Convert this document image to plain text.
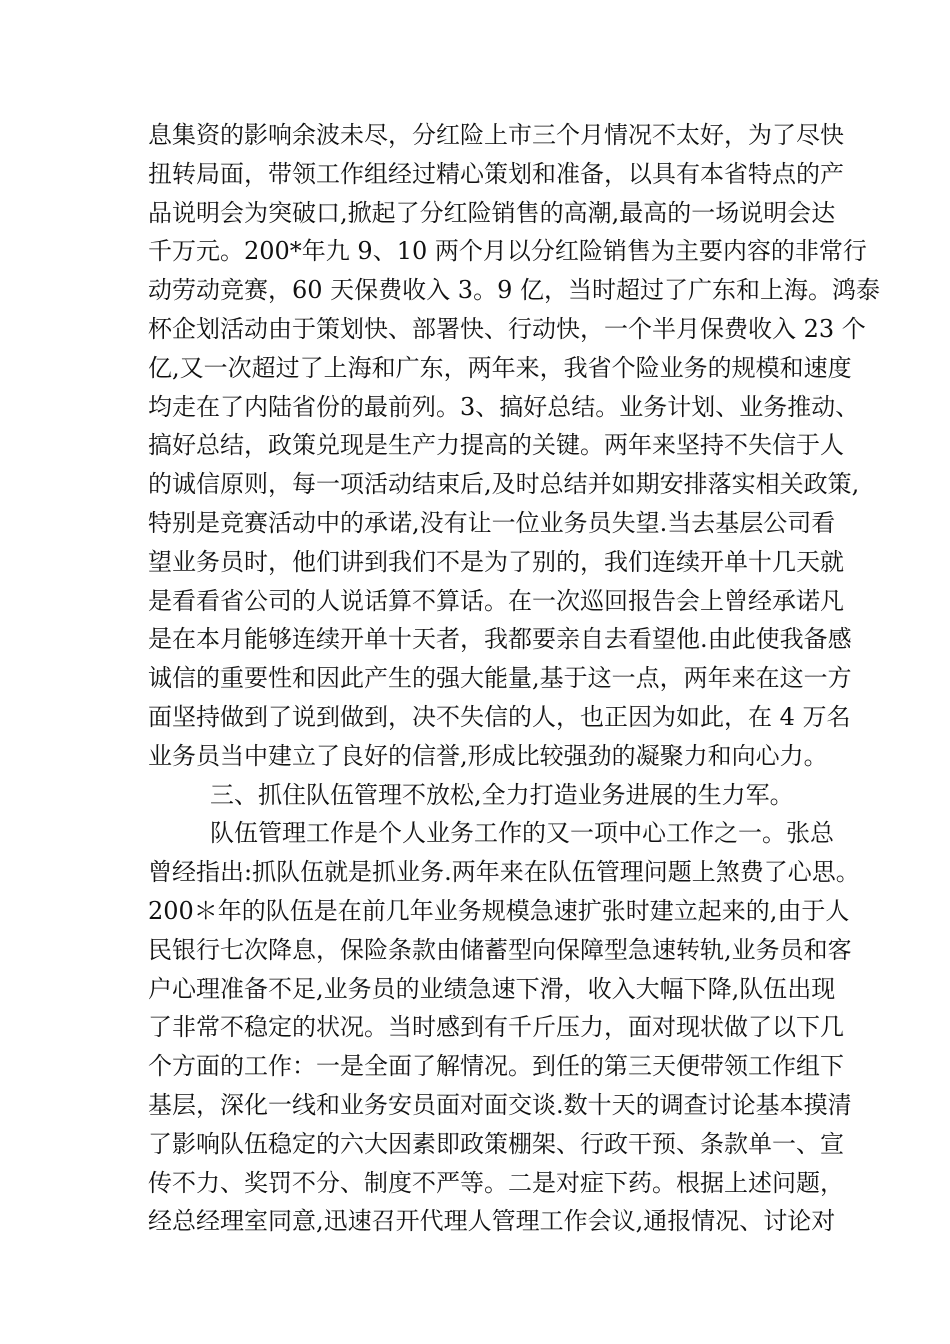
息集资的影响余波未尽，分红险上市三个月情况不太好，为了尽快
扭转局面，带领工作组经过精心策划和准备，以具有本省特点的产
品说明会为突破口,掀起了分红险销售的高潮,最高的一场说明会达
千万元。200*年九 9、10 两个月以分红险销售为主要内容的非常行
动劳动竞赛，60 天保费收入 3。9 亿，当时超过了广东和上海。鸿泰
杯企划活动由于策划快、部署快、行动快，一个半月保费收入 23 个
亿,又一次超过了上海和广东，两年来，我省个险业务的规模和速度
均走在了内陆省份的最前列。3、搞好总结。业务计划、业务推动、
搞好总结，政策兑现是生产力提高的关键。两年来坚持不失信于人
的诚信原则，每一项活动结束后,及时总结并如期安排落实相关政策,
特别是竞赛活动中的承诺,没有让一位业务员失望.当去基层公司看
望业务员时，他们讲到我们不是为了别的，我们连续开单十几天就
是看看省公司的人说话算不算话。在一次巡回报告会上曾经承诺凡
是在本月能够连续开单十天者，我都要亲自去看望他.由此使我备感
诚信的重要性和因此产生的强大能量,基于这一点，两年来在这一方
面坚持做到了说到做到，决不失信的人，也正因为如此，在 4 万名
业务员当中建立了良好的信誉,形成比较强劲的凝聚力和向心力。
三、抓住队伍管理不放松,全力打造业务进展的生力军。
队伍管理工作是个人业务工作的又一项中心工作之一。张总
曾经指出:抓队伍就是抓业务.两年来在队伍管理问题上煞费了心思。
200＊年的队伍是在前几年业务规模急速扩张时建立起来的,由于人
民银行七次降息，保险条款由储蓄型向保障型急速转轨,业务员和客
户心理准备不足,业务员的业绩急速下滑，收入大幅下降,队伍出现
了非常不稳定的状况。当时感到有千斤压力，面对现状做了以下几
个方面的工作：一是全面了解情况。到任的第三天便带领工作组下
基层，深化一线和业务安员面对面交谈.数十天的调查讨论基本摸清
了影响队伍稳定的六大因素即政策棚架、行政干预、条款单一、宣
传不力、奖罚不分、制度不严等。二是对症下药。根据上述问题，
经总经理室同意,迅速召开代理人管理工作会议,通报情况、讨论对
